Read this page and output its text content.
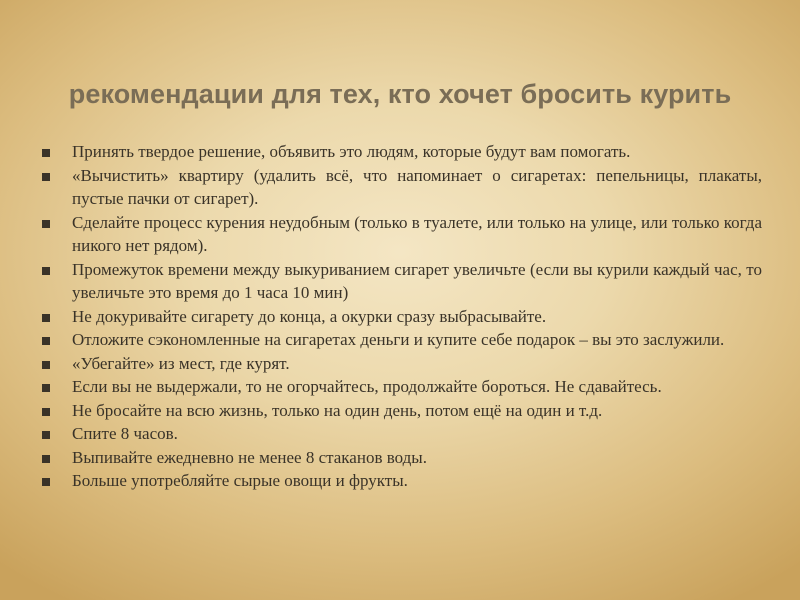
рекомендации для тех, кто хочет бросить курить
Принять твердое решение, объявить это людям, которые будут вам помогать.
«Вычистить» квартиру (удалить всё, что напоминает о сигаретах: пепельницы, плакаты, пустые пачки от сигарет).
Сделайте процесс курения неудобным (только в туалете, или только на улице, или только когда никого нет рядом).
Промежуток времени между выкуриванием сигарет увеличьте (если вы курили каждый час, то увеличьте это время до 1 часа 10 мин)
Не докуривайте сигарету до конца, а окурки сразу выбрасывайте.
Отложите сэкономленные на сигаретах деньги и купите себе подарок – вы это заслужили.
«Убегайте» из мест, где курят.
Если вы не выдержали, то не огорчайтесь, продолжайте бороться. Не сдавайтесь.
Не бросайте на всю жизнь, только на один день, потом ещё на один и т.д.
Спите 8 часов.
Выпивайте ежедневно не менее 8 стаканов воды.
Больше употребляйте сырые овощи и фрукты.
